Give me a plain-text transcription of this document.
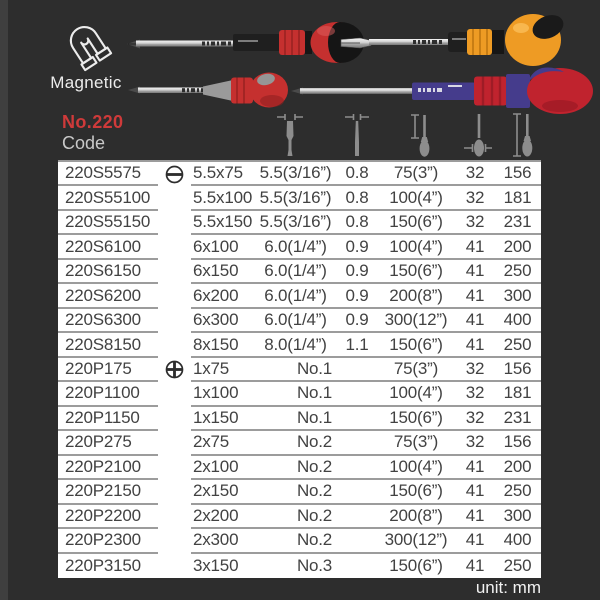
Magnetic
No.220
Code
220S5575	5.5x75 5.5(3/16”) 0.8	75(3”)	32	156
220S55100	5.5x100 5.5(3/16”) 0.8	100(4”)	32	181
220S55150	5.5x150 5.5(3/16”) 0.8	150(6”)	32	231
220S6100	6x100	6.0(1/4”)	0.9	100(4”)	41	200
220S6150	6x150	6.0(1/4”)	0.9	150(6”)	41	250
220S6200	6x200	6.0(1/4”)	0.9	200(8”)	41	300
220S6300	6x300	6.0(1/4”)	0.9 300(12”)	41	400
220S8150	8x150	8.0(1/4”)	1.1	150(6”)	41	250
220P175	1x75	No.1	75(3”)	32	156
220P1100	1x100	No.1	100(4”)	32	181
220P1150	1x150	No.1	150(6”)	32	231
220P275	2x75	No.2	75(3”)	32	156
220P2100	2x100	No.2	100(4”)	41	200
220P2150	2x150	No.2	150(6”)	41	250
220P2200	2x200	No.2	200(8”)	41	300
220P2300	2x300	No.2	300(12”)	41	400
220P3150	3x150	No.3	150(6”)	41	250
unit: mm
